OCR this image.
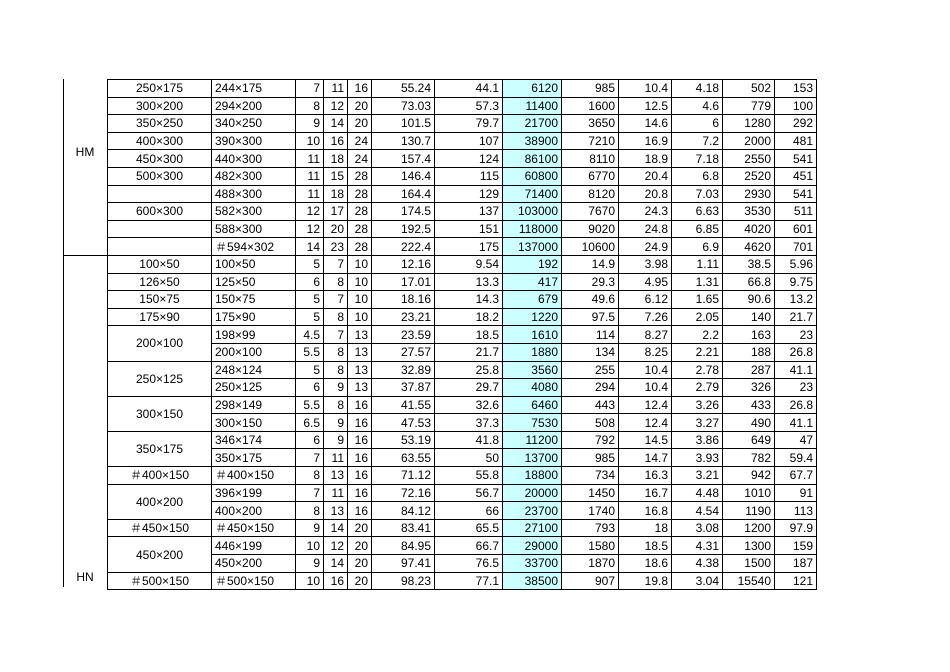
HM
HN
250×175	244×175	7	11	16	55.24	44.1	6120	985	10.4	4.18	502	153
300×200	294×200	8	12	20	73.03	57.3	11400	1600	12.5	4.6	779	100
350×250	340×250	9	14	20	101.5	79.7	21700	3650	14.6	6	1280	292
400×300	390×300	10	16	24	130.7	107	38900	7210	16.9	7.2	2000	481
450×300	440×300	11	18	24	157.4	124	86100	8110	18.9	7.18	2550	541
500×300	482×300	11	15	28	146.4	115	60800	6770	20.4	6.8	2520	451
	488×300	11	18	28	164.4	129	71400	8120	20.8	7.03	2930	541
600×300	582×300	12	17	28	174.5	137	103000	7670	24.3	6.63	3530	511
	588×300	12	20	28	192.5	151	118000	9020	24.8	6.85	4020	601
	＃594×302	14	23	28	222.4	175	137000	10600	24.9	6.9	4620	701
100×50	100×50	5	7	10	12.16	9.54	192	14.9	3.98	1.11	38.5	5.96
126×50	125×50	6	8	10	17.01	13.3	417	29.3	4.95	1.31	66.8	9.75
150×75	150×75	5	7	10	18.16	14.3	679	49.6	6.12	1.65	90.6	13.2
175×90	175×90	5	8	10	23.21	18.2	1220	97.5	7.26	2.05	140	21.7
200×100	198×99	4.5	7	13	23.59	18.5	1610	114	8.27	2.2	163	23
	200×100	5.5	8	13	27.57	21.7	1880	134	8.25	2.21	188	26.8
250×125	248×124	5	8	13	32.89	25.8	3560	255	10.4	2.78	287	41.1
	250×125	6	9	13	37.87	29.7	4080	294	10.4	2.79	326	23
300×150	298×149	5.5	8	16	41.55	32.6	6460	443	12.4	3.26	433	26.8
	300×150	6.5	9	16	47.53	37.3	7530	508	12.4	3.27	490	41.1
350×175	346×174	6	9	16	53.19	41.8	11200	792	14.5	3.86	649	47
	350×175	7	11	16	63.55	50	13700	985	14.7	3.93	782	59.4
＃400×150	＃400×150	8	13	16	71.12	55.8	18800	734	16.3	3.21	942	67.7
400×200	396×199	7	11	16	72.16	56.7	20000	1450	16.7	4.48	1010	91
	400×200	8	13	16	84.12	66	23700	1740	16.8	4.54	1190	113
＃450×150	＃450×150	9	14	20	83.41	65.5	27100	793	18	3.08	1200	97.9
450×200	446×199	10	12	20	84.95	66.7	29000	1580	18.5	4.31	1300	159
	450×200	9	14	20	97.41	76.5	33700	1870	18.6	4.38	1500	187
＃500×150	＃500×150	10	16	20	98.23	77.1	38500	907	19.8	3.04	15540	121
